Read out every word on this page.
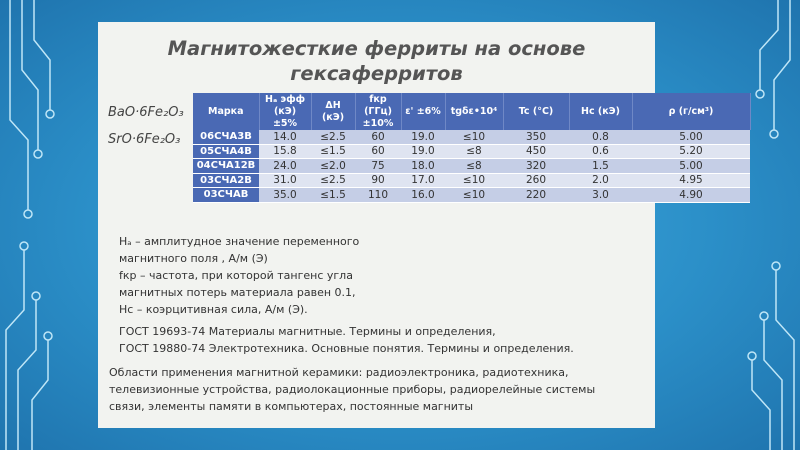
Магнитожесткие ферриты на основе
гексаферритов
BaO·6Fe₂O₃
SrO·6Fe₂O₃
Марка	Hₐ эфф (кЭ) ±5%	ΔH (кЭ)	fкр (ГГц) ±10%	ε' ±6%	tgδε•10⁴	Tc (°C)	Hc (кЭ)	ρ (г/см³)
06СЧА3В	14.0	≤2.5	60	19.0	≤10	350	0.8	5.00
05СЧА4В	15.8	≤1.5	60	19.0	≤8	450	0.6	5.20
04СЧА12В	24.0	≤2.0	75	18.0	≤8	320	1.5	5.00
03СЧА2В	31.0	≤2.5	90	17.0	≤10	260	2.0	4.95
03СЧАВ	35.0	≤1.5	110	16.0	≤10	220	3.0	4.90
Hₐ – амплитудное значение переменного
магнитного поля , А/м (Э)
fкр – частота, при которой тангенс угла
магнитных потерь материала равен 0.1,
Hc – коэрцитивная сила, А/м (Э).
ГОСТ 19693-74 Материалы магнитные. Термины и определения,
ГОСТ 19880-74 Электротехника. Основные понятия. Термины и определения.
Области применения магнитной керамики: радиоэлектроника, радиотехника,
телевизионные устройства, радиолокационные приборы, радиорелейные системы
связи, элементы памяти в компьютерах, постоянные магниты
